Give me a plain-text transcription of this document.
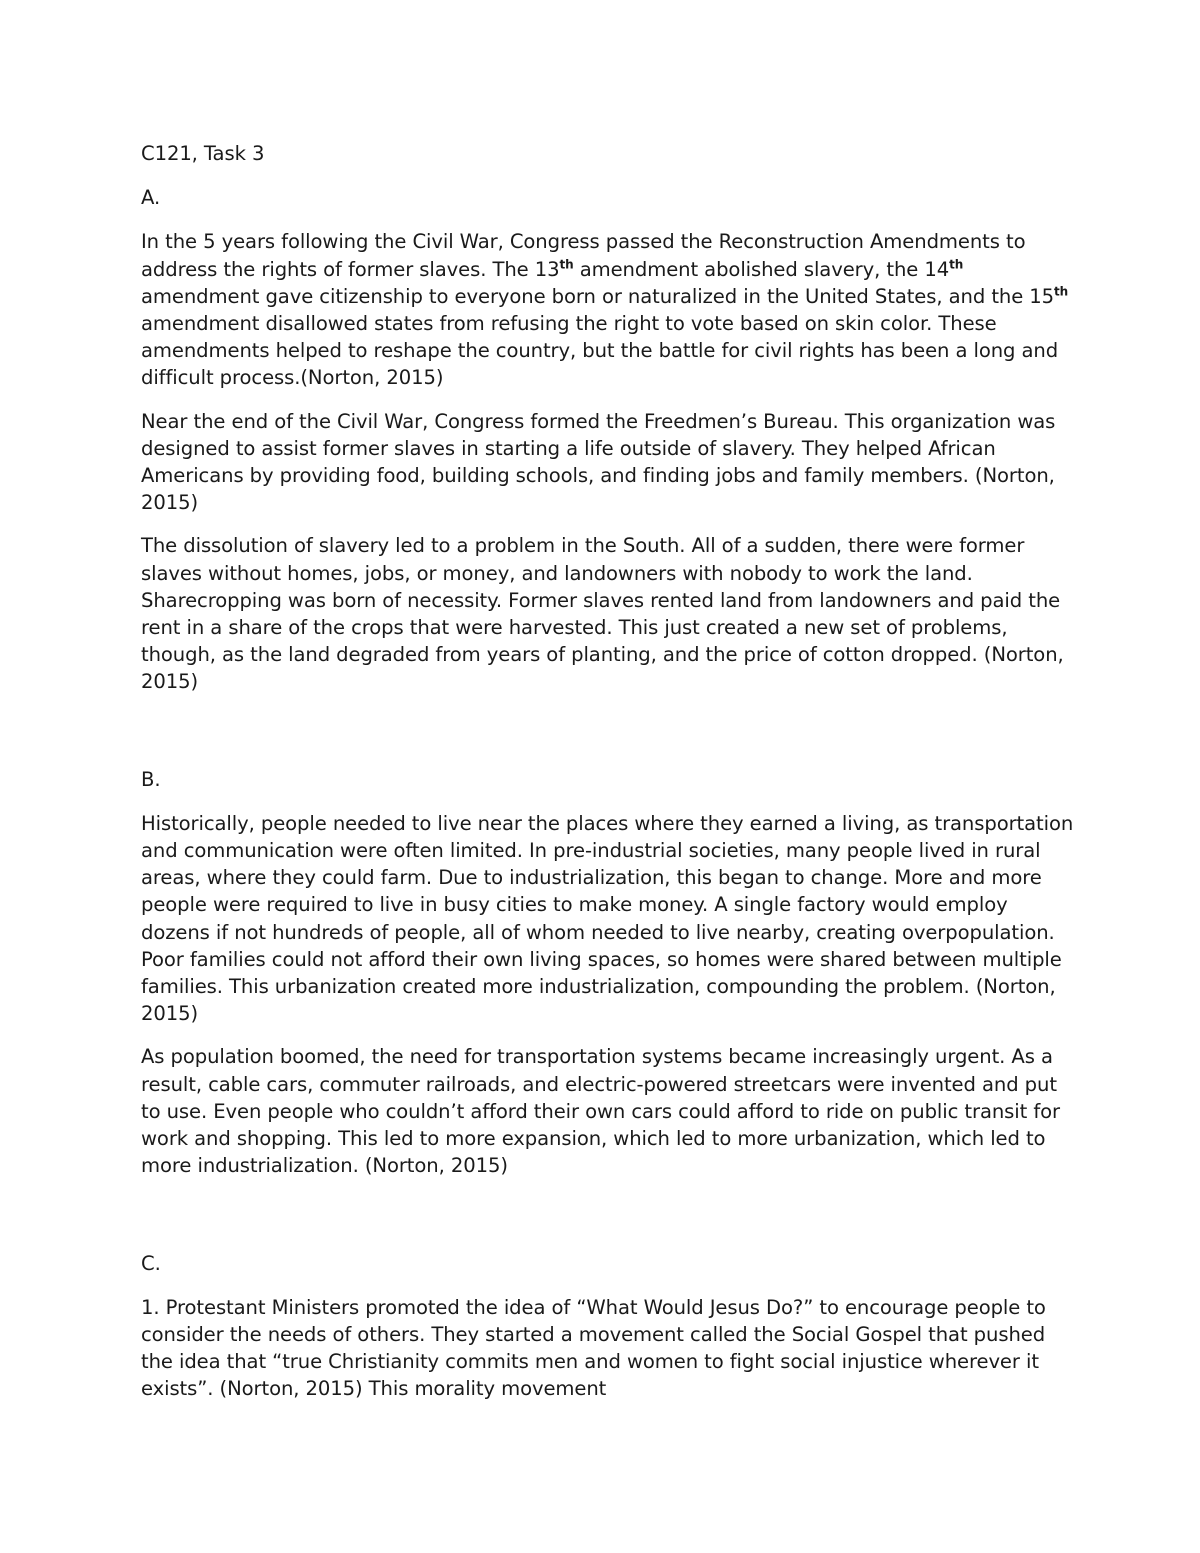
C121, Task 3

A.

In the 5 years following the Civil War, Congress passed the Reconstruction Amendments to address the rights of former slaves. The 13th amendment abolished slavery, the 14th amendment gave citizenship to everyone born or naturalized in the United States, and the 15th amendment disallowed states from refusing the right to vote based on skin color. These amendments helped to reshape the country, but the battle for civil rights has been a long and difficult process.(Norton, 2015)

Near the end of the Civil War, Congress formed the Freedmen’s Bureau. This organization was designed to assist former slaves in starting a life outside of slavery. They helped African Americans by providing food, building schools, and finding jobs and family members. (Norton, 2015)

The dissolution of slavery led to a problem in the South. All of a sudden, there were former slaves without homes, jobs, or money, and landowners with nobody to work the land. Sharecropping was born of necessity. Former slaves rented land from landowners and paid the rent in a share of the crops that were harvested. This just created a new set of problems, though, as the land degraded from years of planting, and the price of cotton dropped. (Norton, 2015)

B.

Historically, people needed to live near the places where they earned a living, as transportation and communication were often limited. In pre-industrial societies, many people lived in rural areas, where they could farm. Due to industrialization, this began to change. More and more people were required to live in busy cities to make money. A single factory would employ dozens if not hundreds of people, all of whom needed to live nearby, creating overpopulation. Poor families could not afford their own living spaces, so homes were shared between multiple families. This urbanization created more industrialization, compounding the problem. (Norton, 2015)

As population boomed, the need for transportation systems became increasingly urgent. As a result, cable cars, commuter railroads, and electric-powered streetcars were invented and put to use. Even people who couldn’t afford their own cars could afford to ride on public transit for work and shopping. This led to more expansion, which led to more urbanization, which led to more industrialization. (Norton, 2015)

C.

1. Protestant Ministers promoted the idea of “What Would Jesus Do?” to encourage people to consider the needs of others. They started a movement called the Social Gospel that pushed the idea that “true Christianity commits men and women to fight social injustice wherever it exists”. (Norton, 2015) This morality movement
